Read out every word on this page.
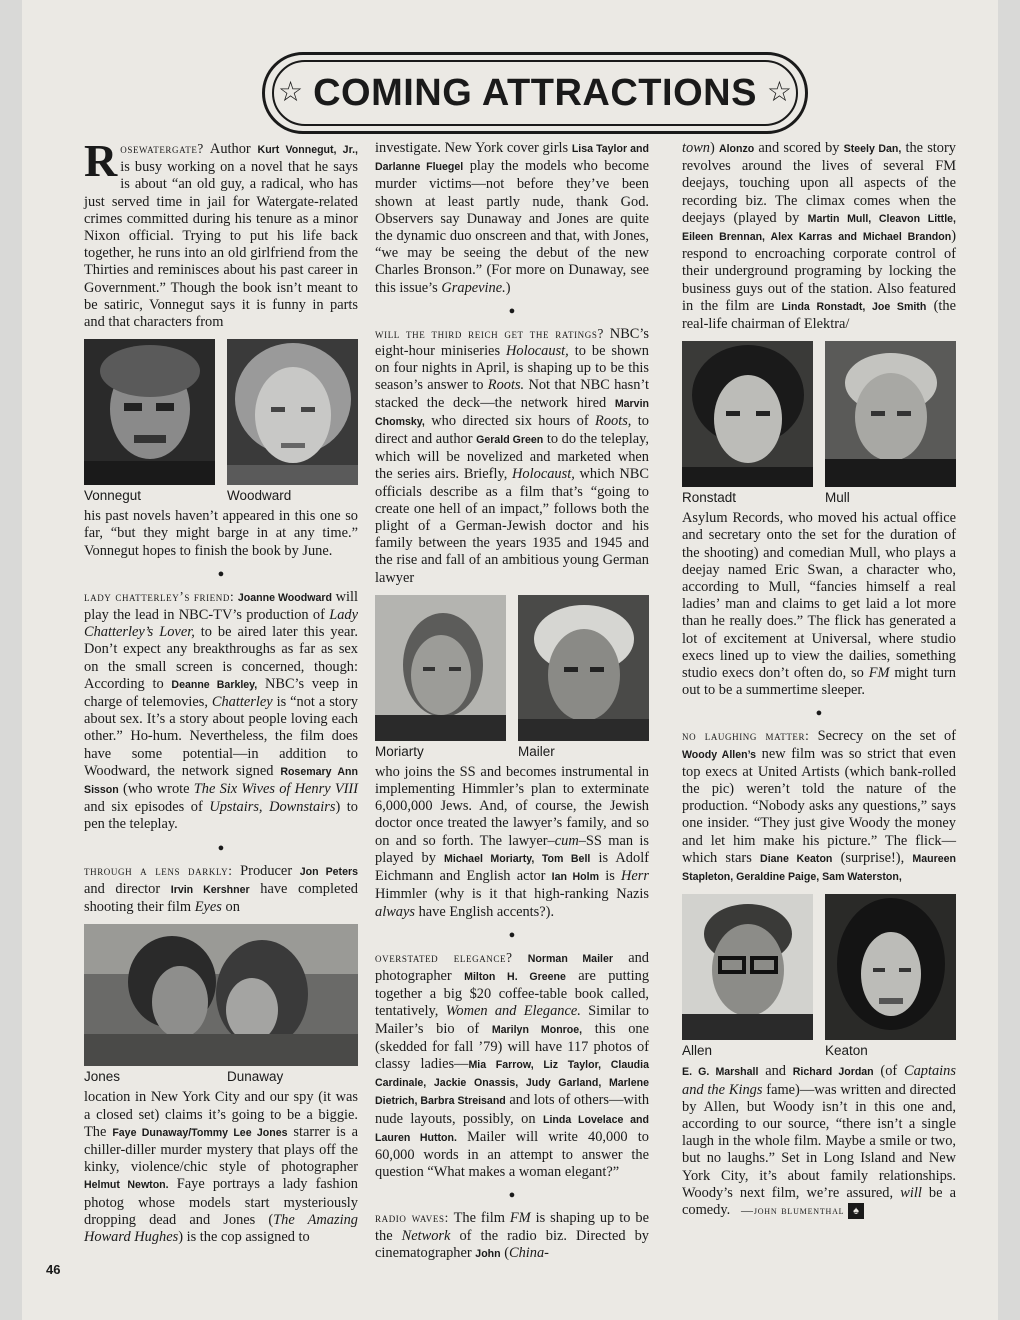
☆ COMING ATTRACTIONS ☆

Rosewatergate? Author Kurt Vonnegut, Jr., is busy working on a novel that he says is about “an old guy, a radical, who has just served time in jail for Watergate-related crimes committed during his tenure as a minor Nixon official. Trying to put his life back together, he runs into an old girlfriend from the Thirties and reminisces about his past career in Government.” Though the book isn’t meant to be satiric, Vonnegut says it is funny in parts and that characters from

Vonnegut	Woodward

his past novels haven’t appeared in this one so far, “but they might barge in at any time.” Vonnegut hopes to finish the book by June.

●

lady chatterley’s friend: Joanne Woodward will play the lead in NBC-TV’s production of Lady Chatterley’s Lover, to be aired later this year. Don’t expect any breakthroughs as far as sex on the small screen is concerned, though: According to Deanne Barkley, NBC’s veep in charge of telemovies, Chatterley is “not a story about sex. It’s a story about people loving each other.” Ho-hum. Nevertheless, the film does have some potential—in addition to Woodward, the network signed Rosemary Ann Sisson (who wrote The Six Wives of Henry VIII and six episodes of Upstairs, Downstairs) to pen the teleplay.

●

through a lens darkly: Producer Jon Peters and director Irvin Kershner have completed shooting their film Eyes on

Jones	Dunaway

location in New York City and our spy (it was a closed set) claims it’s going to be a biggie. The Faye Dunaway/Tommy Lee Jones starrer is a chiller-diller murder mystery that plays off the kinky, violence/chic style of photographer Helmut Newton. Faye portrays a lady fashion photog whose models start mysteriously dropping dead and Jones (The Amazing Howard Hughes) is the cop assigned to

investigate. New York cover girls Lisa Taylor and Darlanne Fluegel play the models who become murder victims—not before they’ve been shown at least partly nude, thank God. Observers say Dunaway and Jones are quite the dynamic duo onscreen and that, with Jones, “we may be seeing the debut of the new Charles Bronson.” (For more on Dunaway, see this issue’s Grapevine.)

●

will the third reich get the ratings? NBC’s eight-hour miniseries Holocaust, to be shown on four nights in April, is shaping up to be this season’s answer to Roots. Not that NBC hasn’t stacked the deck—the network hired Marvin Chomsky, who directed six hours of Roots, to direct and author Gerald Green to do the teleplay, which will be novelized and marketed when the series airs. Briefly, Holocaust, which NBC officials describe as a film that’s “going to create one hell of an impact,” follows both the plight of a German-Jewish doctor and his family between the years 1935 and 1945 and the rise and fall of an ambitious young German lawyer

Moriarty	Mailer

who joins the SS and becomes instrumental in implementing Himmler’s plan to exterminate 6,000,000 Jews. And, of course, the Jewish doctor once treated the lawyer’s family, and so on and so forth. The lawyer–cum–SS man is played by Michael Moriarty, Tom Bell is Adolf Eichmann and English actor Ian Holm is Herr Himmler (why is it that high-ranking Nazis always have English accents?).

●

overstated elegance? Norman Mailer and photographer Milton H. Greene are putting together a big $20 coffee-table book called, tentatively, Women and Elegance. Similar to Mailer’s bio of Marilyn Monroe, this one (skedded for fall ’79) will have 117 photos of classy ladies—Mia Farrow, Liz Taylor, Claudia Cardinale, Jackie Onassis, Judy Garland, Marlene Dietrich, Barbra Streisand and lots of others—with nude layouts, possibly, on Linda Lovelace and Lauren Hutton. Mailer will write 40,000 to 60,000 words in an attempt to answer the question “What makes a woman elegant?”

●

radio waves: The film FM is shaping up to be the Network of the radio biz. Directed by cinematographer John (China-

town) Alonzo and scored by Steely Dan, the story revolves around the lives of several FM deejays, touching upon all aspects of the recording biz. The climax comes when the deejays (played by Martin Mull, Cleavon Little, Eileen Brennan, Alex Karras and Michael Brandon) respond to encroaching corporate control of their underground programing by locking the business guys out of the station. Also featured in the film are Linda Ronstadt, Joe Smith (the real-life chairman of Elektra/

Ronstadt	Mull

Asylum Records, who moved his actual office and secretary onto the set for the duration of the shooting) and comedian Mull, who plays a deejay named Eric Swan, a character who, according to Mull, “fancies himself a real ladies’ man and claims to get laid a lot more than he really does.” The flick has generated a lot of excitement at Universal, where studio execs lined up to view the dailies, something studio execs don’t often do, so FM might turn out to be a summertime sleeper.

●

no laughing matter: Secrecy on the set of Woody Allen’s new film was so strict that even top execs at United Artists (which bank-rolled the pic) weren’t told the nature of the production. “Nobody asks any questions,” says one insider. “They just give Woody the money and let him make his picture.” The flick—which stars Diane Keaton (surprise!), Maureen Stapleton, Geraldine Paige, Sam Waterston,

Allen	Keaton

E. G. Marshall and Richard Jordan (of Captains and the Kings fame)—was written and directed by Allen, but Woody isn’t in this one and, according to our source, “there isn’t a single laugh in the whole film. Maybe a smile or two, but no laughs.” Set in Long Island and New York City, it’s about family relationships. Woody’s next film, we’re assured, will be a comedy. —john blumenthal ♠

46
